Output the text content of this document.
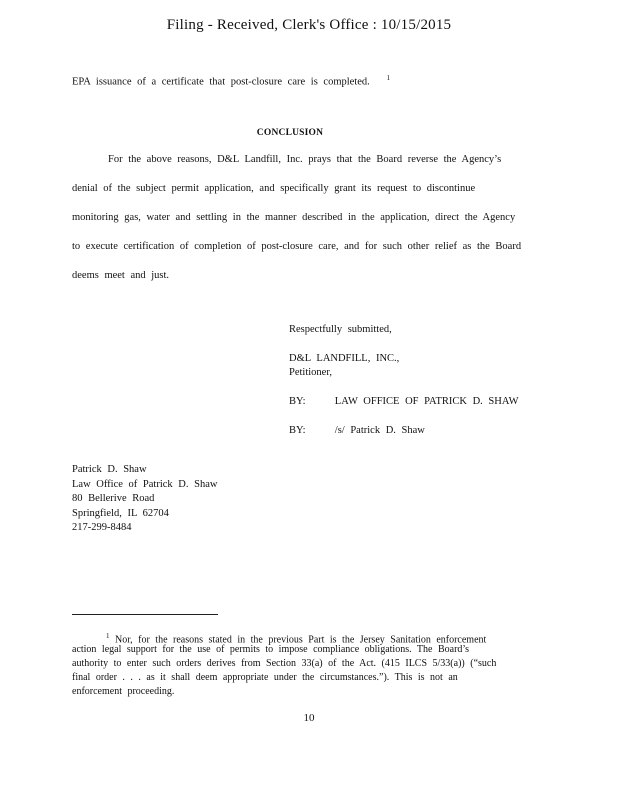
Filing - Received, Clerk's Office : 10/15/2015
EPA issuance of a certificate that post-closure care is completed. $^1$
CONCLUSION
For the above reasons, D&L Landfill, Inc. prays that the Board reverse the Agency’s
denial of the subject permit application, and specifically grant its request to discontinue
monitoring gas, water and settling in the manner described in the application, direct the Agency
to execute certification of completion of post-closure care, and for such other relief as the Board
deems meet and just.
Respectfully submitted,
D&L LANDFILL, INC.,
Petitioner,
BY:	LAW OFFICE OF PATRICK D. SHAW
BY:	/s/ Patrick D. Shaw
Patrick D. Shaw
Law Office of Patrick D. Shaw
80 Bellerive Road
Springfield, IL 62704
217-299-8484
$^1$ Nor, for the reasons stated in the previous Part is the Jersey Sanitation enforcement
action legal support for the use of permits to impose compliance obligations. The Board’s
authority to enter such orders derives from Section 33(a) of the Act. (415 ILCS 5/33(a)) (“such
final order . . . as it shall deem appropriate under the circumstances.”). This is not an
enforcement proceeding.
10
